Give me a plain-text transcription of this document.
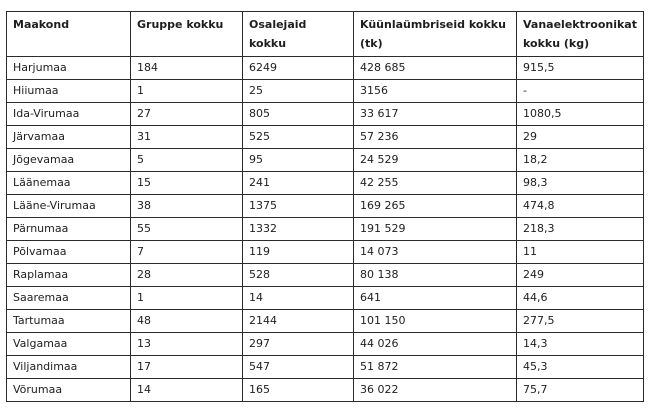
Maakond	Gruppe kokku	Osalejaid kokku	Küünlaümbriseid kokku (tk)	Vanaelektroonikat kokku (kg)
Harjumaa	184	6249	428 685	915,5
Hiiumaa	1	25	3156	-
Ida-Virumaa	27	805	33 617	1080,5
Järvamaa	31	525	57 236	29
Jõgevamaa	5	95	24 529	18,2
Läänemaa	15	241	42 255	98,3
Lääne-Virumaa	38	1375	169 265	474,8
Pärnumaa	55	1332	191 529	218,3
Põlvamaa	7	119	14 073	11
Raplamaa	28	528	80 138	249
Saaremaa	1	14	641	44,6
Tartumaa	48	2144	101 150	277,5
Valgamaa	13	297	44 026	14,3
Viljandimaa	17	547	51 872	45,3
Võrumaa	14	165	36 022	75,7
